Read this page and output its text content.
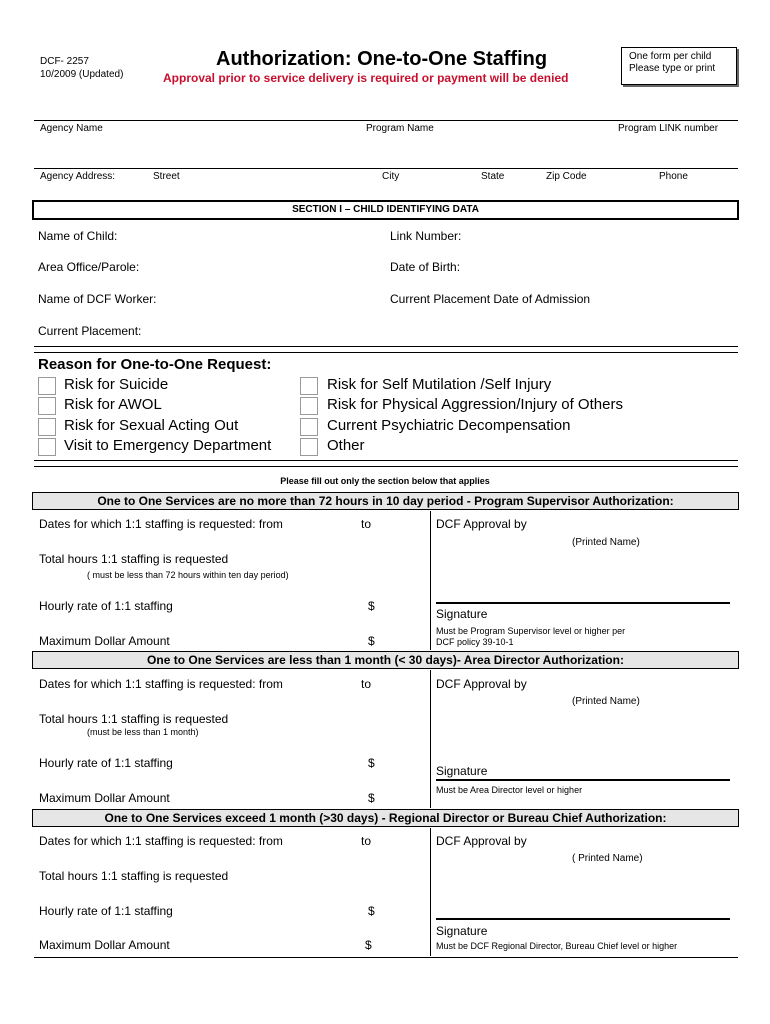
DCF- 2257
10/2009 (Updated)
Authorization: One-to-One Staffing
Approval prior to service delivery is required or payment will be denied
One form per child
Please type or print
Agency Name	Program Name	Program LINK number
Agency Address:	Street	City	State	Zip Code	Phone
SECTION I – CHILD IDENTIFYING DATA
Name of Child:	Link Number:
Area Office/Parole:	Date of Birth:
Name of DCF Worker:	Current Placement Date of Admission
Current Placement:
Reason for One-to-One Request:
Risk for Suicide
Risk for AWOL
Risk for Sexual Acting Out
Visit to Emergency Department
Risk for Self Mutilation /Self Injury
Risk for Physical Aggression/Injury of Others
Current Psychiatric Decompensation
Other
Please fill out only the section below that applies
One to One Services are no more than 72 hours in 10 day period - Program Supervisor Authorization:
Dates for which 1:1 staffing is requested: from	to	DCF Approval by
(Printed Name)
Total hours 1:1 staffing is requested
( must be less than 72 hours within ten day period)
Hourly rate of 1:1 staffing	$
Signature
Must be Program Supervisor level or higher per
DCF policy 39-10-1
Maximum Dollar Amount	$
One to One Services are less than 1 month (< 30 days)- Area Director Authorization:
Dates for which 1:1 staffing is requested: from	to	DCF Approval by
(Printed Name)
Total hours 1:1 staffing is requested
(must be less than 1 month)
Hourly rate of 1:1 staffing	$
Signature
Must be Area Director level or higher
Maximum Dollar Amount	$
One to One Services exceed 1 month (>30 days) - Regional Director or Bureau Chief Authorization:
Dates for which 1:1 staffing is requested: from	to	DCF Approval by
( Printed Name)
Total hours 1:1 staffing is requested
Hourly rate of 1:1 staffing	$
Signature
Must be DCF Regional Director, Bureau Chief level or higher
Maximum Dollar Amount	$
